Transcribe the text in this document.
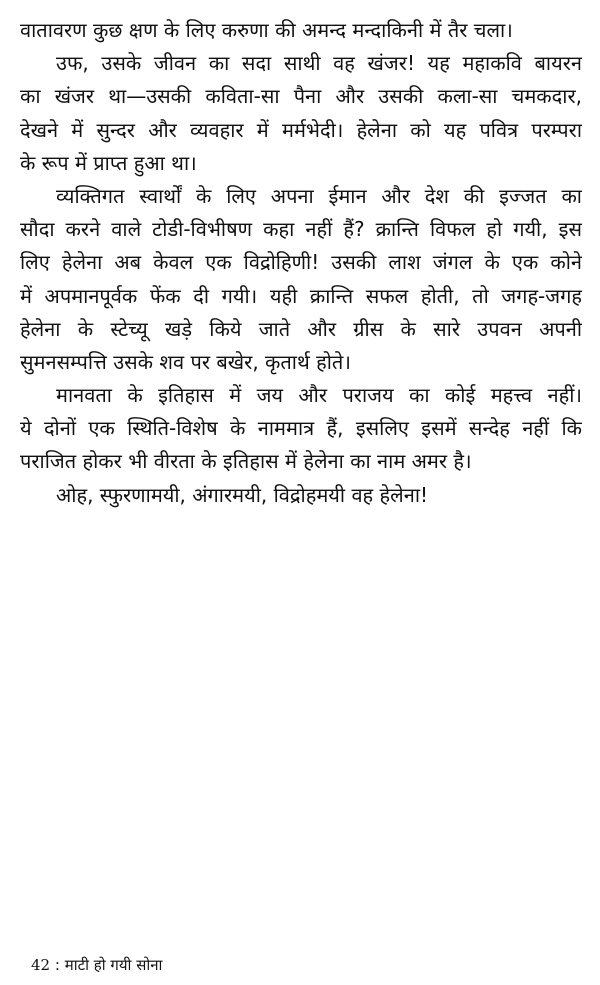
वातावरण कुछ क्षण के लिए करुणा की अमन्द मन्दाकिनी में तैर चला।
उफ, उसके जीवन का सदा साथी वह खंजर! यह महाकवि बायरन
का खंजर था—उसकी कविता-सा पैना और उसकी कला-सा चमकदार,
देखने में सुन्दर और व्यवहार में मर्मभेदी। हेलेना को यह पवित्र परम्परा
के रूप में प्राप्त हुआ था।
व्यक्तिगत स्वार्थों के लिए अपना ईमान और देश की इज्जत का
सौदा करने वाले टोडी-विभीषण कहा नहीं हैं? क्रान्ति विफल हो गयी, इस
लिए हेलेना अब केवल एक विद्रोहिणी! उसकी लाश जंगल के एक कोने
में अपमानपूर्वक फेंक दी गयी। यही क्रान्ति सफल होती, तो जगह-जगह
हेलेना के स्टेच्यू खड़े किये जाते और ग्रीस के सारे उपवन अपनी
सुमनसम्पत्ति उसके शव पर बखेर, कृतार्थ होते।
मानवता के इतिहास में जय और पराजय का कोई महत्त्व नहीं।
ये दोनों एक स्थिति-विशेष के नाममात्र हैं, इसलिए इसमें सन्देह नहीं कि
पराजित होकर भी वीरता के इतिहास में हेलेना का नाम अमर है।
ओह, स्फुरणामयी, अंगारमयी, विद्रोहमयी वह हेलेना!
42 : माटी हो गयी सोना
